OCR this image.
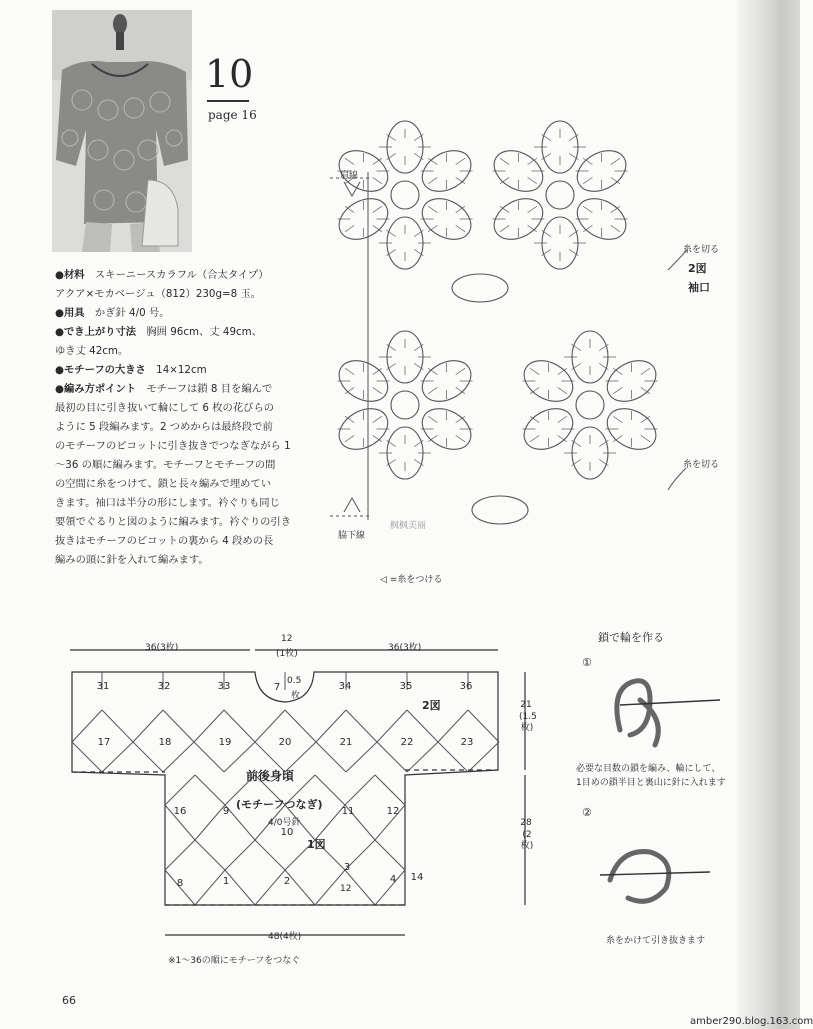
10
page 16

●材料　 スキーニースカラフル（合太タイプ）

アクア×モカベージュ（812）230g=8 玉。

●用具　 かぎ針 4/0 号。

●でき上がり寸法　 胸囲 96cm、丈 49cm、

ゆき丈 42cm。

●モチーフの大きさ　 14×12cm

●編み方ポイント　 モチーフは鎖 8 目を編んで

最初の目に引き抜いて輪にして 6 枚の花びらの

ように 5 段編みます。2 つめからは最終段で前

のモチーフのピコットに引き抜きでつなぎながら 1

～36 の順に編みます。モチーフとモチーフの間

の空間に糸をつけて、鎖と長々編みで埋めてい

きます。袖口は半分の形にします。衿ぐりも同じ

要領でぐるりと図のように編みます。衿ぐりの引き

抜きはモチーフのピコットの裏から 4 段めの長

編みの頭に針を入れて編みます。

肩線
糸を切る
2図
袖口
糸を切る
脇下線
◁ =糸をつける
枫枫美丽
36(3枚)
12
(1枚)
36(3枚)
0.5
枚
21
(1.5枚)
28
(2枚)
48(4枚)
12
2図
1図
前後身頃
(モチーフつなぎ)
4/0号針
※1～36の順にモチーフをつなぐ
31	32	33	7	34	35	36
17	18	19	20	21	22	23
16	9	11	12
10
8	1	2
3
4	14
鎖で輪を作る
①
必要な目数の鎖を編み、輪にして、
1目めの鎖半目と裏山に針に入れます
②
糸をかけて引き抜きます
66
amber290.blog.163.com
